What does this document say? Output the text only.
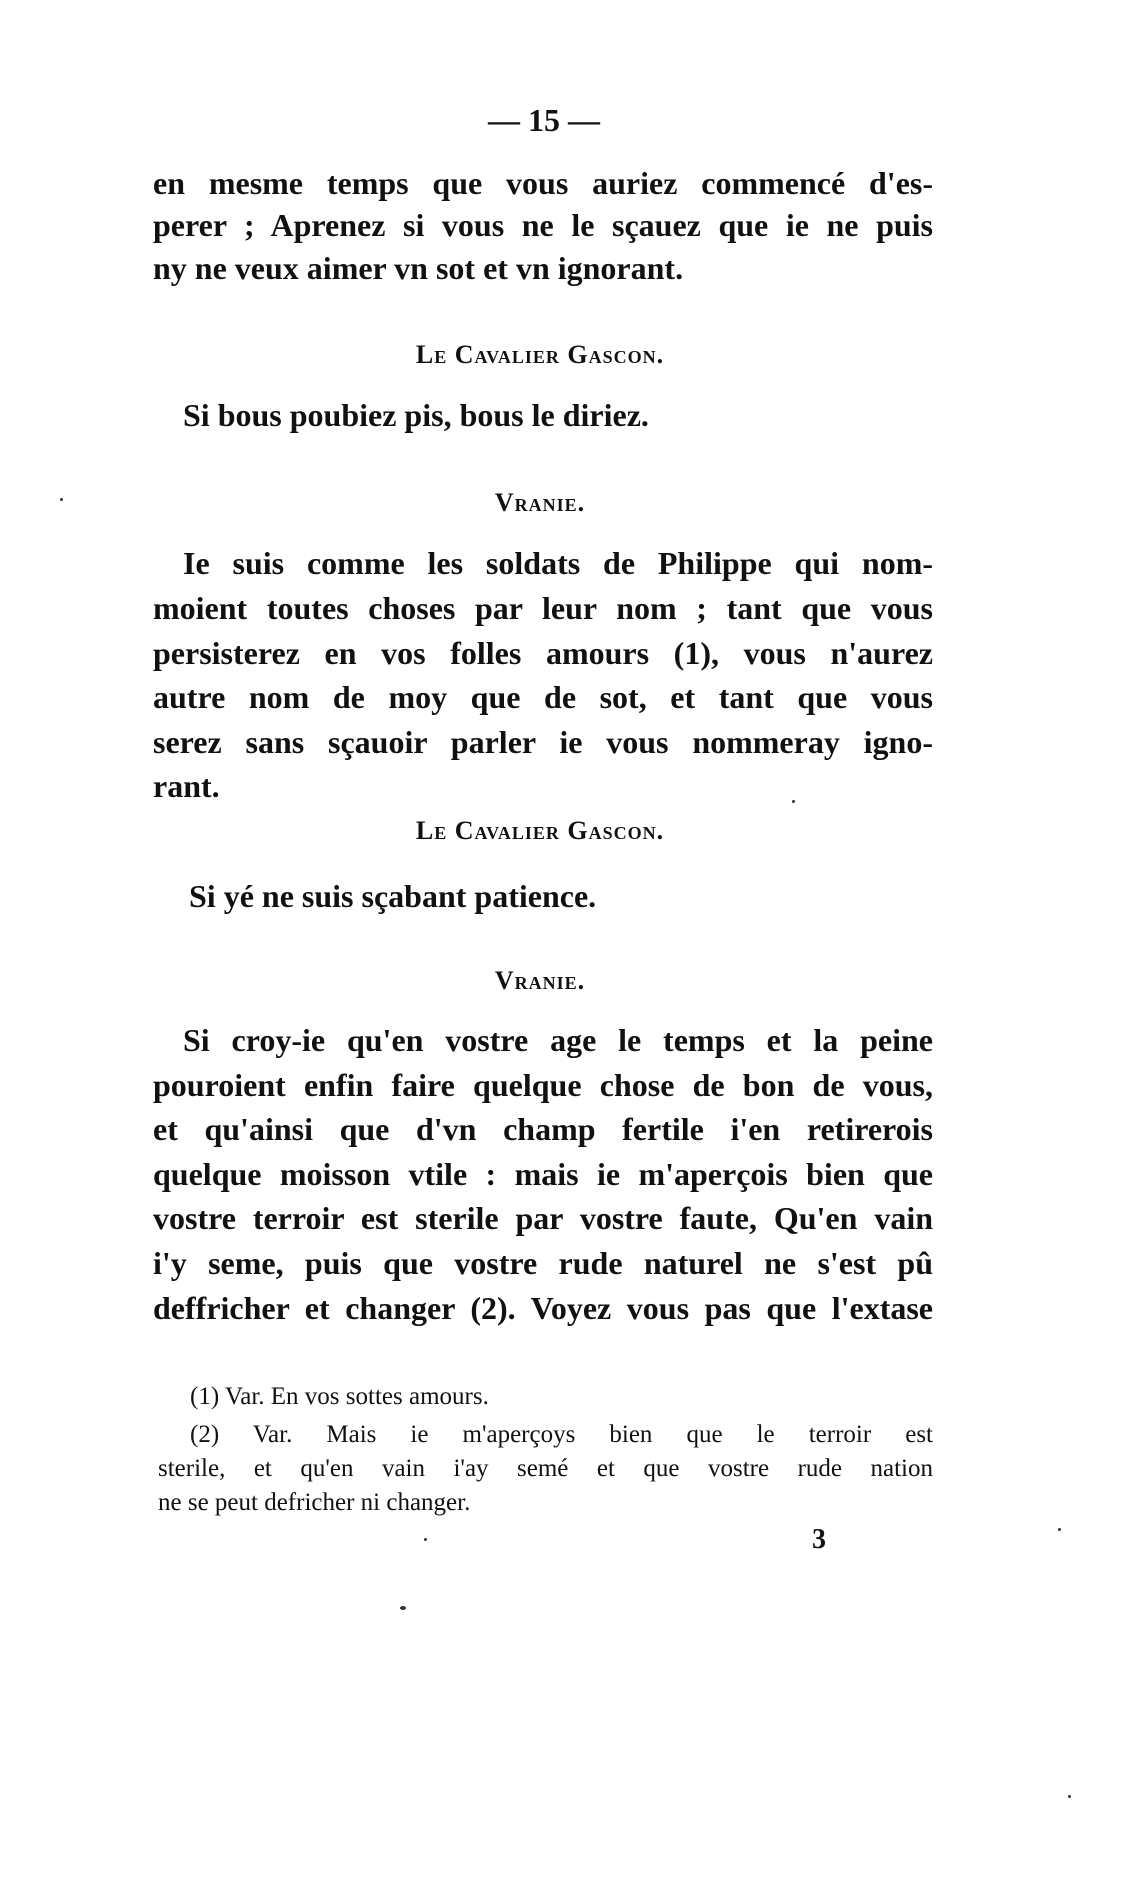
— 15 —
en mesme temps que vous auriez commencé d'es-
perer ; Aprenez si vous ne le sçauez que ie ne puis
ny ne veux aimer vn sot et vn ignorant.
Le Cavalier Gascon.
Si bous poubiez pis, bous le diriez.
Vranie.
Ie suis comme les soldats de Philippe qui nom-
moient toutes choses par leur nom ; tant que vous
persisterez en vos folles amours (1), vous n'aurez
autre nom de moy que de sot, et tant que vous
serez sans sçauoir parler ie vous nommeray igno-
rant.
Le Cavalier Gascon.
Si yé ne suis sçabant patience.
Vranie.
Si croy-ie qu'en vostre age le temps et la peine
pouroient enfin faire quelque chose de bon de vous,
et qu'ainsi que d'vn champ fertile i'en retirerois
quelque moisson vtile : mais ie m'aperçois bien que
vostre terroir est sterile par vostre faute, Qu'en vain
i'y seme, puis que vostre rude naturel ne s'est pû
deffricher et changer (2). Voyez vous pas que l'extase
(1) Var. En vos sottes amours.
(2) Var. Mais ie m'aperçoys bien que le terroir est
sterile, et qu'en vain i'ay semé et que vostre rude nation
ne se peut defricher ni changer.
3
